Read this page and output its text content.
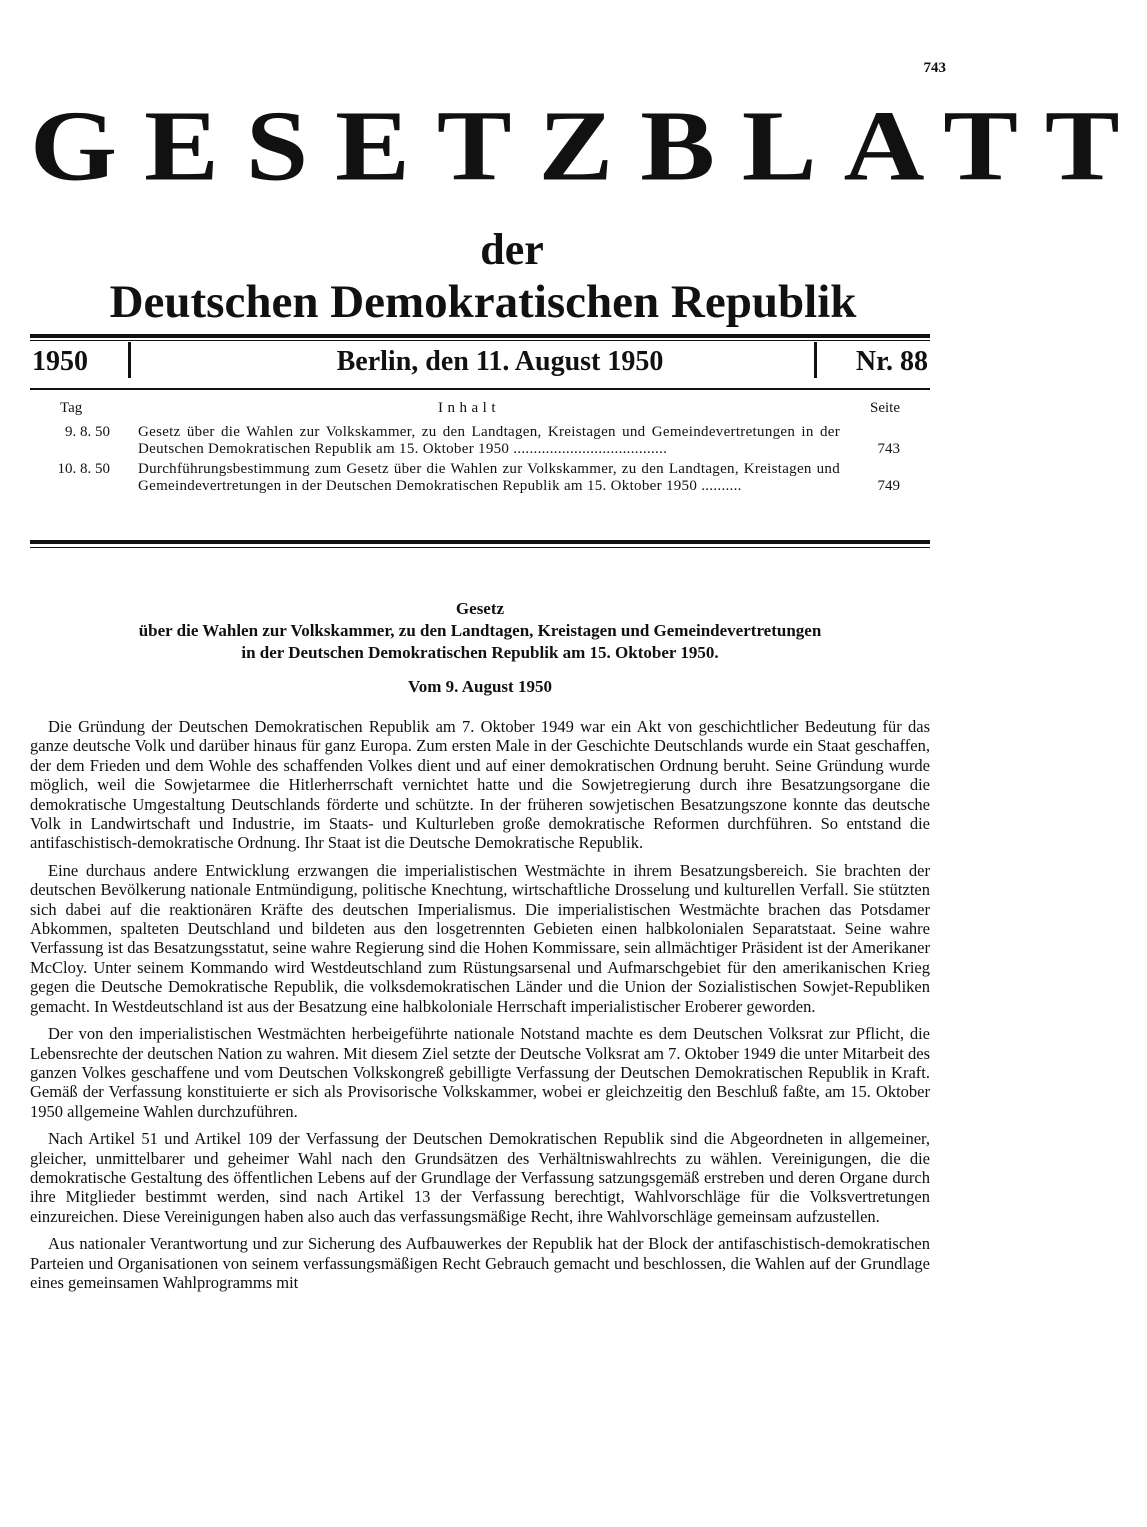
743
GESETZBLATT
der
Deutschen Demokratischen Republik
1950	Berlin, den 11. August 1950	Nr. 88
Tag	Inhalt	Seite
9. 8. 50 Gesetz über die Wahlen zur Volkskammer, zu den Landtagen, Kreistagen und Gemeindevertretungen in der Deutschen Demokratischen Republik am 15. Oktober 1950 ......................................	743
10. 8. 50 Durchführungsbestimmung zum Gesetz über die Wahlen zur Volkskammer, zu den Landtagen, Kreistagen und Gemeindevertretungen in der Deutschen Demokratischen Republik am 15. Oktober 1950 ..........	749
Gesetz
über die Wahlen zur Volkskammer, zu den Landtagen, Kreistagen und Gemeindevertretungen
in der Deutschen Demokratischen Republik am 15. Oktober 1950.
Vom 9. August 1950

Die Gründung der Deutschen Demokratischen Republik am 7. Oktober 1949 war ein Akt von geschichtlicher Bedeutung für das ganze deutsche Volk und darüber hinaus für ganz Europa. Zum ersten Male in der Geschichte Deutschlands wurde ein Staat geschaffen, der dem Frieden und dem Wohle des schaffenden Volkes dient und auf einer demokratischen Ordnung beruht. Seine Gründung wurde möglich, weil die Sowjetarmee die Hitlerherrschaft vernichtet hatte und die Sowjetregierung durch ihre Besatzungsorgane die demokratische Umgestaltung Deutschlands förderte und schützte. In der früheren sowjetischen Besatzungszone konnte das deutsche Volk in Landwirtschaft und Industrie, im Staats- und Kulturleben große demokratische Reformen durchführen. So entstand die antifaschistisch-demokratische Ordnung. Ihr Staat ist die Deutsche Demokratische Republik.

Eine durchaus andere Entwicklung erzwangen die imperialistischen Westmächte in ihrem Besatzungsbereich. Sie brachten der deutschen Bevölkerung nationale Entmündigung, politische Knechtung, wirtschaftliche Drosselung und kulturellen Verfall. Sie stützten sich dabei auf die reaktionären Kräfte des deutschen Imperialismus. Die imperialistischen Westmächte brachen das Potsdamer Abkommen, spalteten Deutschland und bildeten aus den losgetrennten Gebieten einen halbkolonialen Separatstaat. Seine wahre Verfassung ist das Besatzungsstatut, seine wahre Regierung sind die Hohen Kommissare, sein allmächtiger Präsident ist der Amerikaner McCloy. Unter seinem Kommando wird Westdeutschland zum Rüstungsarsenal und Aufmarschgebiet für den amerikanischen Krieg gegen die Deutsche Demokratische Republik, die volksdemokratischen Länder und die Union der Sozialistischen Sowjet-Republiken gemacht. In Westdeutschland ist aus der Besatzung eine halbkoloniale Herrschaft imperialistischer Eroberer geworden.

Der von den imperialistischen Westmächten herbeigeführte nationale Notstand machte es dem Deutschen Volksrat zur Pflicht, die Lebensrechte der deutschen Nation zu wahren. Mit diesem Ziel setzte der Deutsche Volksrat am 7. Oktober 1949 die unter Mitarbeit des ganzen Volkes geschaffene und vom Deutschen Volkskongreß gebilligte Verfassung der Deutschen Demokratischen Republik in Kraft. Gemäß der Verfassung konstituierte er sich als Provisorische Volkskammer, wobei er gleichzeitig den Beschluß faßte, am 15. Oktober 1950 allgemeine Wahlen durchzuführen.

Nach Artikel 51 und Artikel 109 der Verfassung der Deutschen Demokratischen Republik sind die Abgeordneten in allgemeiner, gleicher, unmittelbarer und geheimer Wahl nach den Grundsätzen des Verhältniswahlrechts zu wählen. Vereinigungen, die die demokratische Gestaltung des öffentlichen Lebens auf der Grundlage der Verfassung satzungsgemäß erstreben und deren Organe durch ihre Mitglieder bestimmt werden, sind nach Artikel 13 der Verfassung berechtigt, Wahlvorschläge für die Volksvertretungen einzureichen. Diese Vereinigungen haben also auch das verfassungsmäßige Recht, ihre Wahlvorschläge gemeinsam aufzustellen.

Aus nationaler Verantwortung und zur Sicherung des Aufbauwerkes der Republik hat der Block der antifaschistisch-demokratischen Parteien und Organisationen von seinem verfassungsmäßigen Recht Gebrauch gemacht und beschlossen, die Wahlen auf der Grundlage eines gemeinsamen Wahlprogramms mit
